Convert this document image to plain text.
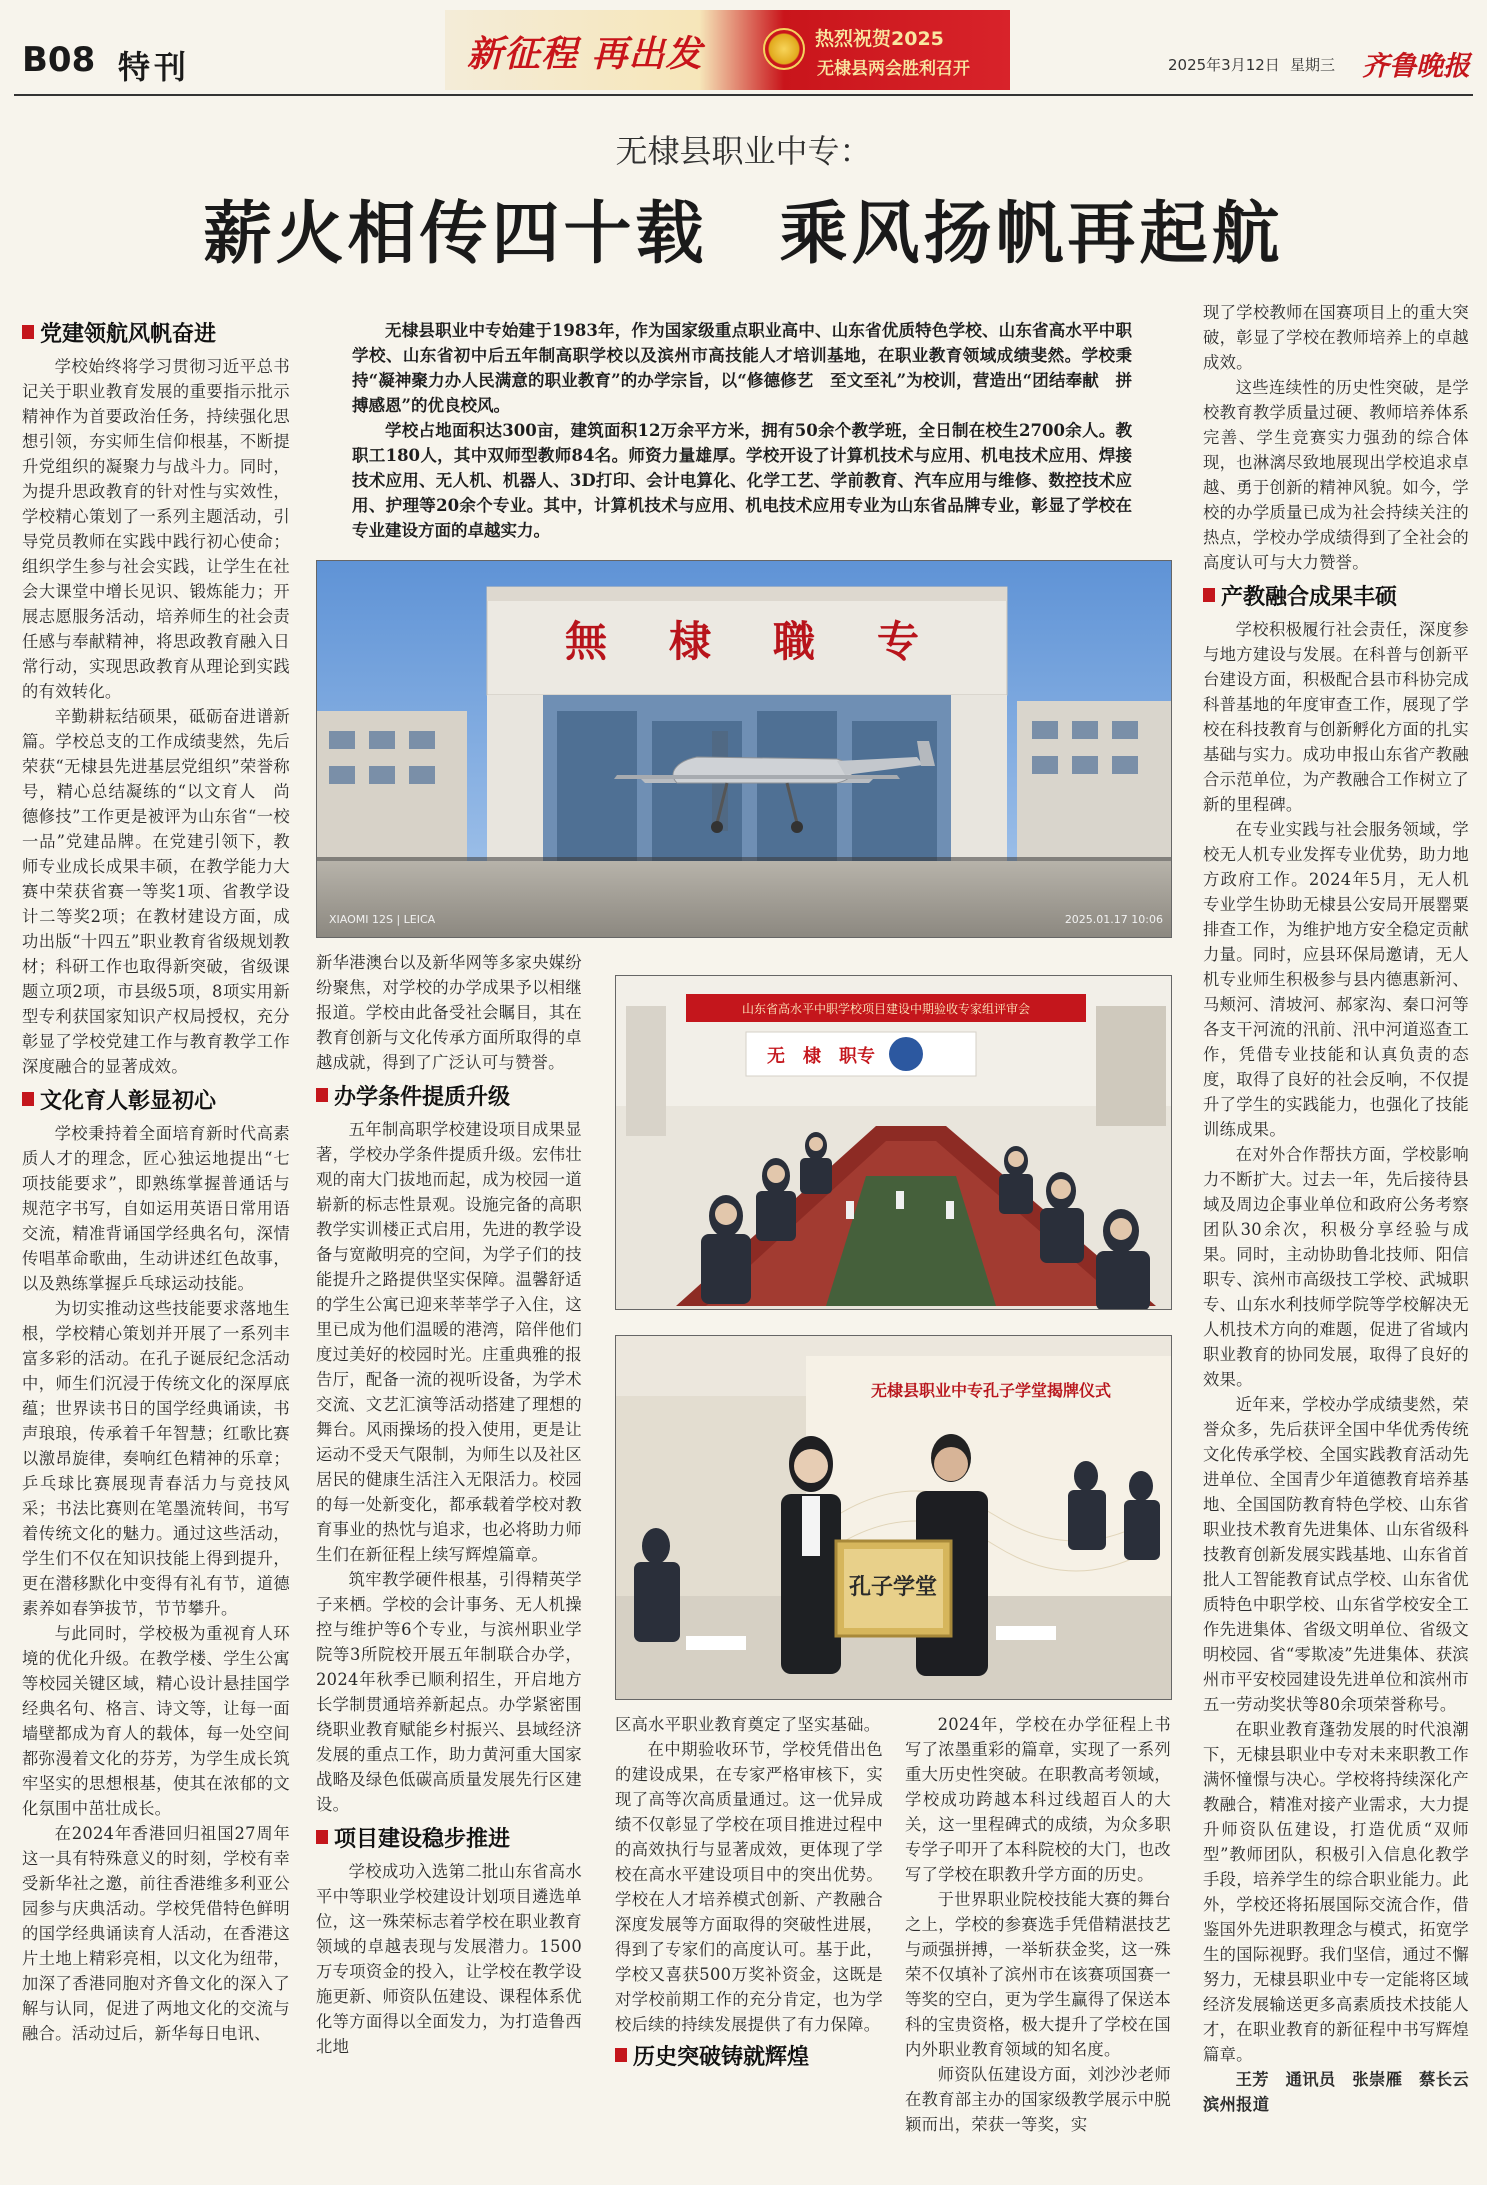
B08 特刊	新征程 再出发	热烈祝贺2025
无棣县两会胜利召开	2025年3月12日 星期三 齐鲁晚报
无棣县职业中专：
薪火相传四十载　乘风扬帆再起航
党建领航风帆奋进

学校始终将学习贯彻习近平总书记关于职业教育发展的重要指示批示精神作为首要政治任务，持续强化思想引领，夯实师生信仰根基，不断提升党组织的凝聚力与战斗力。同时，为提升思政教育的针对性与实效性，学校精心策划了一系列主题活动，引导党员教师在实践中践行初心使命；组织学生参与社会实践，让学生在社会大课堂中增长见识、锻炼能力；开展志愿服务活动，培养师生的社会责任感与奉献精神，将思政教育融入日常行动，实现思政教育从理论到实践的有效转化。

辛勤耕耘结硕果，砥砺奋进谱新篇。学校总支的工作成绩斐然，先后荣获“无棣县先进基层党组织”荣誉称号，精心总结凝练的“以文育人　尚德修技”工作更是被评为山东省“一校一品”党建品牌。在党建引领下，教师专业成长成果丰硕，在教学能力大赛中荣获省赛一等奖1项、省教学设计二等奖2项；在教材建设方面，成功出版“十四五”职业教育省级规划教材；科研工作也取得新突破，省级课题立项2项，市县级5项，8项实用新型专利获国家知识产权局授权，充分彰显了学校党建工作与教育教学工作深度融合的显著成效。

文化育人彰显初心

学校秉持着全面培育新时代高素质人才的理念，匠心独运地提出“七项技能要求”，即熟练掌握普通话与规范字书写，自如运用英语日常用语交流，精准背诵国学经典名句，深情传唱革命歌曲，生动讲述红色故事，以及熟练掌握乒乓球运动技能。

为切实推动这些技能要求落地生根，学校精心策划并开展了一系列丰富多彩的活动。在孔子诞辰纪念活动中，师生们沉浸于传统文化的深厚底蕴；世界读书日的国学经典诵读，书声琅琅，传承着千年智慧；红歌比赛以激昂旋律，奏响红色精神的乐章；乒乓球比赛展现青春活力与竞技风采；书法比赛则在笔墨流转间，书写着传统文化的魅力。通过这些活动，学生们不仅在知识技能上得到提升，更在潜移默化中变得有礼有节，道德素养如春笋拔节，节节攀升。

与此同时，学校极为重视育人环境的优化升级。在教学楼、学生公寓等校园关键区域，精心设计悬挂国学经典名句、格言、诗文等，让每一面墙壁都成为育人的载体，每一处空间都弥漫着文化的芬芳，为学生成长筑牢坚实的思想根基，使其在浓郁的文化氛围中茁壮成长。

在2024年香港回归祖国27周年这一具有特殊意义的时刻，学校有幸受新华社之邀，前往香港维多利亚公园参与庆典活动。学校凭借特色鲜明的国学经典诵读育人活动，在香港这片土地上精彩亮相，以文化为纽带，加深了香港同胞对齐鲁文化的深入了解与认同，促进了两地文化的交流与融合。活动过后，新华每日电讯、

无棣县职业中专始建于1983年，作为国家级重点职业高中、山东省优质特色学校、山东省高水平中职学校、山东省初中后五年制高职学校以及滨州市高技能人才培训基地，在职业教育领域成绩斐然。学校秉持“凝神聚力办人民满意的职业教育”的办学宗旨，以“修德修艺　至文至礼”为校训，营造出“团结奉献　拼搏感恩”的优良校风。

学校占地面积达300亩，建筑面积12万余平方米，拥有50余个教学班，全日制在校生2700余人。教职工180人，其中双师型教师84名。师资力量雄厚。学校开设了计算机技术与应用、机电技术应用、焊接技术应用、无人机、机器人、3D打印、会计电算化、化学工艺、学前教育、汽车应用与维修、数控技术应用、护理等20余个专业。其中，计算机技术与应用、机电技术应用专业为山东省品牌专业，彰显了学校在专业建设方面的卓越实力。

無　棣　職　专
XIAOMI 12S | LEICA	2025.01.17 10:06

新华港澳台以及新华网等多家央媒纷纷聚焦，对学校的办学成果予以相继报道。学校由此备受社会瞩目，其在教育创新与文化传承方面所取得的卓越成就，得到了广泛认可与赞誉。

办学条件提质升级

五年制高职学校建设项目成果显著，学校办学条件提质升级。宏伟壮观的南大门拔地而起，成为校园一道崭新的标志性景观。设施完备的高职教学实训楼正式启用，先进的教学设备与宽敞明亮的空间，为学子们的技能提升之路提供坚实保障。温馨舒适的学生公寓已迎来莘莘学子入住，这里已成为他们温暖的港湾，陪伴他们度过美好的校园时光。庄重典雅的报告厅，配备一流的视听设备，为学术交流、文艺汇演等活动搭建了理想的舞台。风雨操场的投入使用，更是让运动不受天气限制，为师生以及社区居民的健康生活注入无限活力。校园的每一处新变化，都承载着学校对教育事业的热忱与追求，也必将助力师生们在新征程上续写辉煌篇章。

筑牢教学硬件根基，引得精英学子来栖。学校的会计事务、无人机操控与维护等6个专业，与滨州职业学院等3所院校开展五年制联合办学，2024年秋季已顺利招生，开启地方长学制贯通培养新起点。办学紧密围绕职业教育赋能乡村振兴、县域经济发展的重点工作，助力黄河重大国家战略及绿色低碳高质量发展先行区建设。

项目建设稳步推进

学校成功入选第二批山东省高水平中等职业学校建设计划项目遴选单位，这一殊荣标志着学校在职业教育领域的卓越表现与发展潜力。1500万专项资金的投入，让学校在教学设施更新、师资队伍建设、课程体系优化等方面得以全面发力，为打造鲁西北地

山东省高水平中职学校项目建设中期验收专家组评审会
无　棣　职专
无棣县职业中专孔子学堂揭牌仪式
孔子学堂

区高水平职业教育奠定了坚实基础。

在中期验收环节，学校凭借出色的建设成果，在专家严格审核下，实现了高等次高质量通过。这一优异成绩不仅彰显了学校在项目推进过程中的高效执行与显著成效，更体现了学校在高水平建设项目中的突出优势。学校在人才培养模式创新、产教融合深度发展等方面取得的突破性进展，得到了专家们的高度认可。基于此，学校又喜获500万奖补资金，这既是对学校前期工作的充分肯定，也为学校后续的持续发展提供了有力保障。

历史突破铸就辉煌

2024年，学校在办学征程上书写了浓墨重彩的篇章，实现了一系列重大历史性突破。在职教高考领域，学校成功跨越本科过线超百人的大关，这一里程碑式的成绩，为众多职专学子叩开了本科院校的大门，也改写了学校在职教升学方面的历史。

于世界职业院校技能大赛的舞台之上，学校的参赛选手凭借精湛技艺与顽强拼搏，一举斩获金奖，这一殊荣不仅填补了滨州市在该赛项国赛一等奖的空白，更为学生赢得了保送本科的宝贵资格，极大提升了学校在国内外职业教育领域的知名度。

师资队伍建设方面，刘沙沙老师在教育部主办的国家级教学展示中脱颖而出，荣获一等奖，实

现了学校教师在国赛项目上的重大突破，彰显了学校在教师培养上的卓越成效。

这些连续性的历史性突破，是学校教育教学质量过硬、教师培养体系完善、学生竞赛实力强劲的综合体现，也淋漓尽致地展现出学校追求卓越、勇于创新的精神风貌。如今，学校的办学质量已成为社会持续关注的热点，学校办学成绩得到了全社会的高度认可与大力赞誉。

产教融合成果丰硕

学校积极履行社会责任，深度参与地方建设与发展。在科普与创新平台建设方面，积极配合县市科协完成科普基地的年度审查工作，展现了学校在科技教育与创新孵化方面的扎实基础与实力。成功申报山东省产教融合示范单位，为产教融合工作树立了新的里程碑。

在专业实践与社会服务领域，学校无人机专业发挥专业优势，助力地方政府工作。2024年5月，无人机专业学生协助无棣县公安局开展罂粟排查工作，为维护地方安全稳定贡献力量。同时，应县环保局邀请，无人机专业师生积极参与县内德惠新河、马颊河、清坡河、郝家沟、秦口河等各支干河流的汛前、汛中河道巡查工作，凭借专业技能和认真负责的态度，取得了良好的社会反响，不仅提升了学生的实践能力，也强化了技能训练成果。

在对外合作帮扶方面，学校影响力不断扩大。过去一年，先后接待县域及周边企事业单位和政府公务考察团队30余次，积极分享经验与成果。同时，主动协助鲁北技师、阳信职专、滨州市高级技工学校、武城职专、山东水利技师学院等学校解决无人机技术方向的难题，促进了省域内职业教育的协同发展，取得了良好的效果。

近年来，学校办学成绩斐然，荣誉众多，先后获评全国中华优秀传统文化传承学校、全国实践教育活动先进单位、全国青少年道德教育培养基地、全国国防教育特色学校、山东省职业技术教育先进集体、山东省级科技教育创新发展实践基地、山东省首批人工智能教育试点学校、山东省优质特色中职学校、山东省学校安全工作先进集体、省级文明单位、省级文明校园、省“零欺凌”先进集体、获滨州市平安校园建设先进单位和滨州市五一劳动奖状等80余项荣誉称号。

在职业教育蓬勃发展的时代浪潮下，无棣县职业中专对未来职教工作满怀憧憬与决心。学校将持续深化产教融合，精准对接产业需求，大力提升师资队伍建设，打造优质“双师型”教师团队，积极引入信息化教学手段，培养学生的综合职业能力。此外，学校还将拓展国际交流合作，借鉴国外先进职教理念与模式，拓宽学生的国际视野。我们坚信，通过不懈努力，无棣县职业中专一定能将区域经济发展输送更多高素质技术技能人才，在职业教育的新征程中书写辉煌篇章。

王芳　通讯员　张崇雁　蔡长云　滨州报道
